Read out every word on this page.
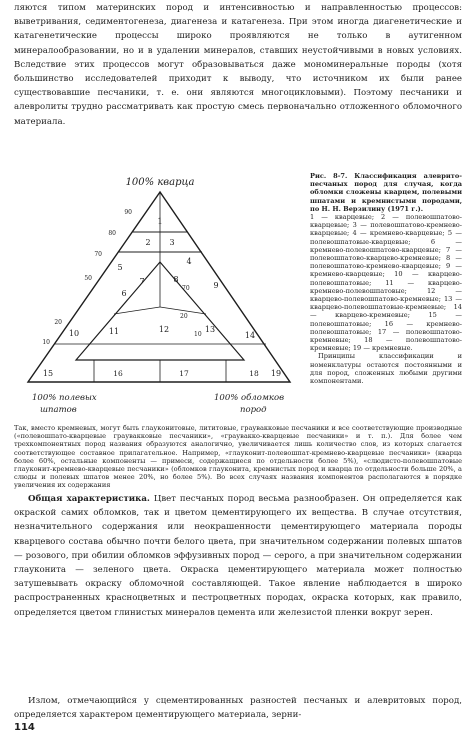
ляются типом материнских пород и интенсивностью и направленностью процессов: выветривания, седиментогенеза, диагенеза и катагенеза. При этом иногда диагенетические и катагенетические процессы широко проявляются не только в аутигенном минералообразовании, но и в удалении минералов, ставших неустойчивыми в новых условиях. Вследствие этих процессов могут образовываться даже мономинеральные породы (хотя большинство исследователей приходит к выводу, что источником их были ранее существовавшие песчаники, т. е. они являются многоцикловыми). Поэтому песчаники и алевролиты трудно рассматривать как простую смесь первоначально отложенного обломочного материала.

100% кварца
100% полевых
шпатов
100% обломков
пород
90
80
70
50
20
10
70
20
10
16	17	18
1
2 3
4
5
6
7	8
9
10	11	12	13
14
15	19
Рис. 8-7. Классификация алеврито-песчаных пород для случая, когда обломки сложены кварцем, полевыми шпатами и кремнистыми породами, по Н. Н. Верзилину (1971 г.).
1 — кварцевые; 2 — полевошпатово-кварцевые; 3 — полевошпатово-кремнево-кварцевые; 4 — кремнево-кварцевые; 5 — полевошпатовые-кварцевые; 6 — кремнево-полевошпатово-кварцевые; 7 — полевошпатово-кварцево-кремневые; 8 — полевошпатово-кремнево-кварцевые; 9 — кремнево-кварцевые; 10 — кварцево-полевошпатовые; 11 — кварцево-кремнево-полевошпатовые; 12 — кварцево-полевошпатово-кремневые; 13 — кварцево-полевошпатовые-кремневые; 14 — кварцево-кремневые; 15 — полевошпатовые; 16 — кремнево-полевошпатовые; 17 — полевошпатово-кремневые; 18 — полевошпатово-кремневые; 19 — кремневые.
Принципы классификации и номенклатуры остаются постоянными и для пород, сложенных любыми другими компонентами.

Так, вместо кремневых, могут быть глауконитовые, лититовые, граувакковые песчаники и все соответствующие производные («полевошпато-кварцевые граувакковые песчаники», «граувакко-кварцевые песчаники» и т. п.). Для более чем трехкомпонентных пород названия образуются аналогично, увеличивается лишь количество слов, из которых слагается соответствующее составное прилагательное. Например, «глауконит-полевошпат-кремнево-кварцевые песчаники» (кварца более 60%, остальные компоненты — примеси, содержащиеся по отдельности более 5%), «слюдисто-полевошпатовые глауконит-кремнево-кварцевые песчаники» (обломков глауконита, кремнистых пород и кварца по отдельности больше 20%, а слюды и полевых шпатов менее 20%, но более 5%). Во всех случаях названия компонентов располагаются в порядке увеличения их содержания

Общая характеристика. Цвет песчаных пород весьма разнообразен. Он определяется как окраской самих обломков, так и цветом цементирующего их вещества. В случае отсутствия, незначительного содержания или неокрашенности цементирующего материала породы кварцевого состава обычно почти белого цвета, при значительном содержании полевых шпатов — розового, при обилии обломков эффузивных пород — серого, а при значительном содержании глауконита — зеленого цвета. Окраска цементирующего материала может полностью затушевывать окраску обломочной составляющей. Такое явление наблюдается в широко распространенных красноцветных и пестроцветных породах, окраска которых, как правило, определяется цветом глинистых минералов цемента или железистой пленки вокруг зерен.

Излом, отмечающийся у сцементированных разностей песчаных и алевритовых пород, определяется характером цементирующего материала, зерни-

114
